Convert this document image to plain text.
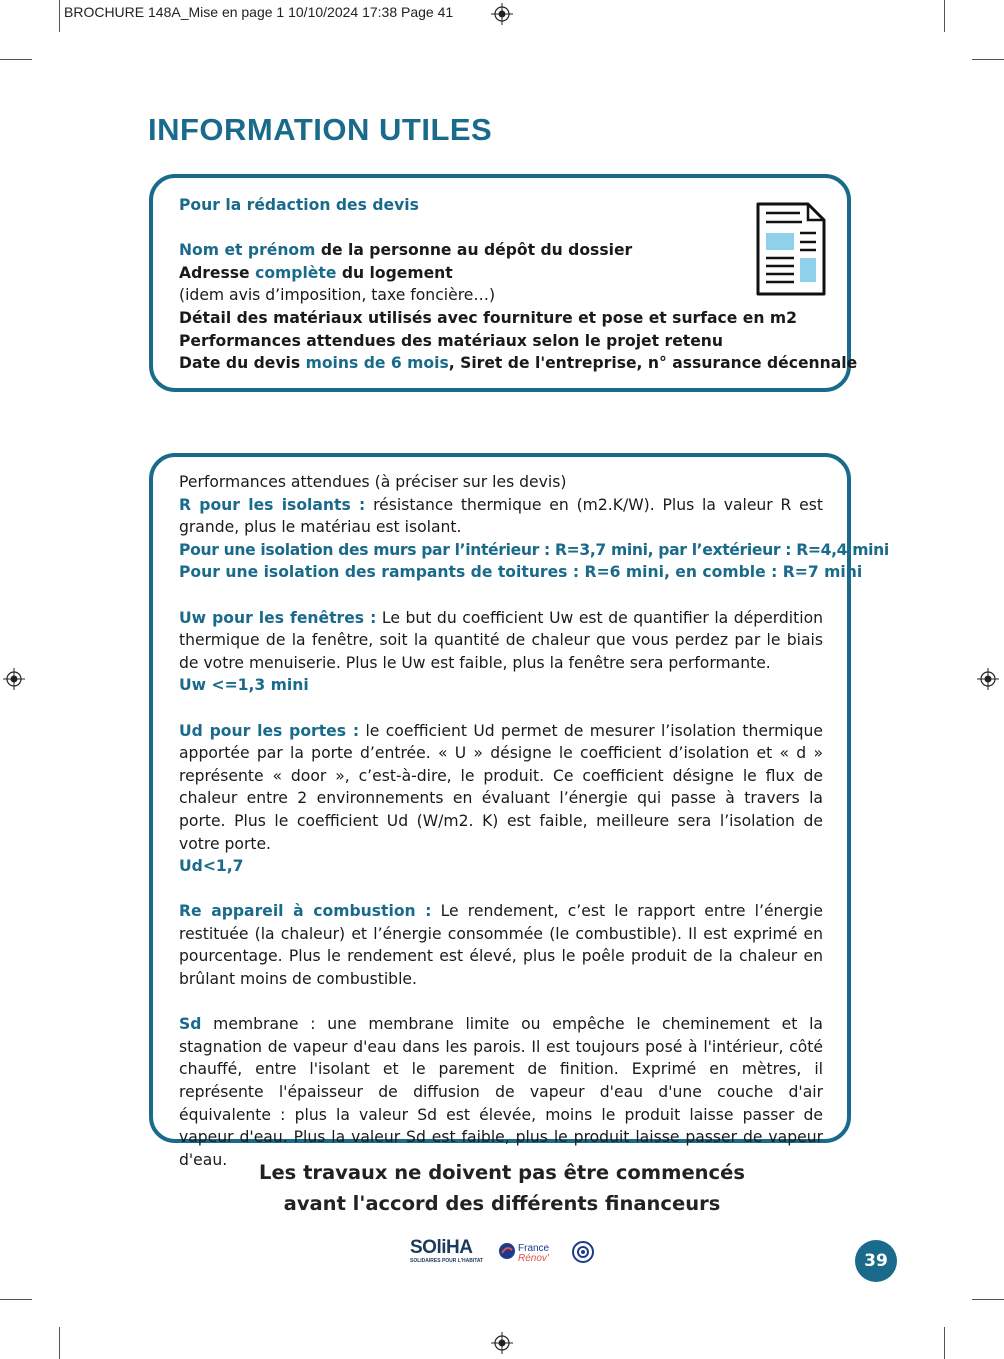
BROCHURE 148A_Mise en page 1 10/10/2024 17:38 Page 41
INFORMATION UTILES
Pour la rédaction des devis
Nom et prénom de la personne au dépôt du dossier
Adresse complète du logement
(idem avis d’imposition, taxe foncière…)
Détail des matériaux utilisés avec fourniture et pose et surface en m2
Performances attendues des matériaux selon le projet retenu
Date du devis moins de 6 mois, Siret de l'entreprise, n° assurance décennale

Performances attendues (à préciser sur les devis)

R pour les isolants : résistance thermique en (m2.K/W). Plus la valeur R est grande, plus le matériau est isolant.

Pour une isolation des murs par l’intérieur : R=3,7 mini, par l’extérieur : R=4,4 mini
Pour une isolation des rampants de toitures : R=6 mini, en comble : R=7 mini

Uw pour les fenêtres : Le but du coefficient Uw est de quantifier la déperdition thermique de la fenêtre, soit la quantité de chaleur que vous perdez par le biais de votre menuiserie. Plus le Uw est faible, plus la fenêtre sera performante.

Uw <=1,3 mini

Ud pour les portes : le coefficient Ud permet de mesurer l’isolation thermique apportée par la porte d’entrée. « U » désigne le coefficient d’isolation et « d » représente « door », c’est-à-dire, le produit. Ce coefficient désigne le flux de chaleur entre 2 environnements en évaluant l’énergie qui passe à travers la porte. Plus le coefficient Ud (W/m2. K) est faible, meilleure sera l’isolation de votre porte.

Ud<1,7

Re appareil à combustion : Le rendement, c’est le rapport entre l’énergie restituée (la chaleur) et l’énergie consommée (le combustible). Il est exprimé en pourcentage. Plus le rendement est élevé, plus le poêle produit de la chaleur en brûlant moins de combustible.

Sd membrane : une membrane limite ou empêche le cheminement et la stagnation de vapeur d'eau dans les parois. Il est toujours posé à l'intérieur, côté chauffé, entre l'isolant et le parement de finition. Exprimé en mètres, il représente l'épaisseur de diffusion de vapeur d'eau d'une couche d'air équivalente : plus la valeur Sd est élevée, moins le produit laisse passer de vapeur d'eau. Plus la valeur Sd est faible, plus le produit laisse passer de vapeur d'eau.

Les travaux ne doivent pas être commencés
avant l'accord des différents financeurs
SOliHA
SOLIDAIRES POUR L'HABITAT
France
Rénov'	39
